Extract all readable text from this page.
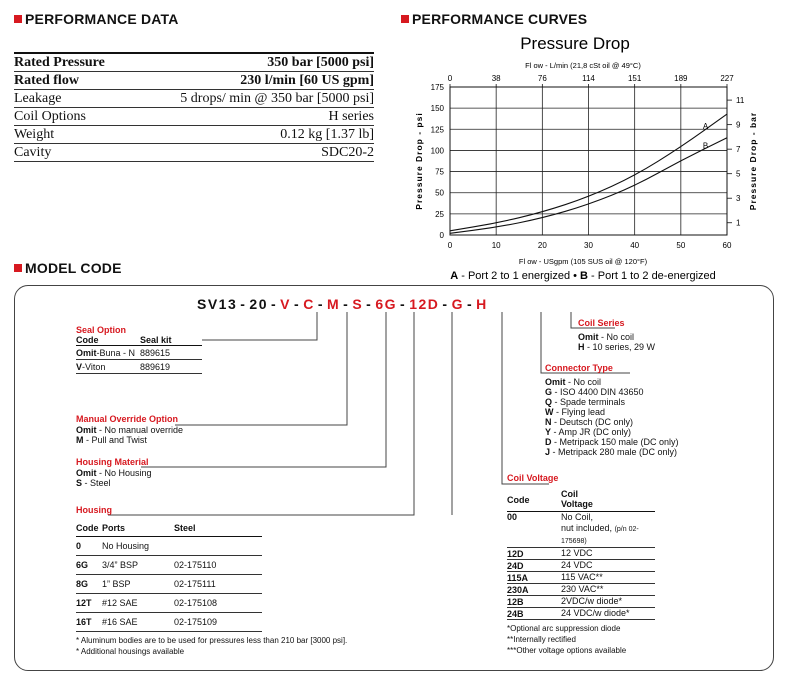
PERFORMANCE DATA
Rated Pressure	350 bar [5000 psi]
Rated flow	230 l/min [60 US gpm]
Leakage	5 drops/ min @ 350 bar [5000 psi]
Coil Options	H series
Weight	0.12 kg [1.37 lb]
Cavity	SDC20-2
PERFORMANCE CURVES
Pressure Drop
Fl ow - L/min (21,8 cSt oil @ 49°C)
0	10	20	30	40	50	60
0	38	76	114	151	189	227
0
25
50
75
100
125
150
175
1
3
5
7
9
11
Pressure Drop - psi	Pressure Drop - bar
Fl ow - USgpm (105 SUS oil @ 120°F)
A
B
A - Port 2 to 1 energized • B - Port 1 to 2 de-energized
MODEL CODE
SV13 - 20 - V - C - M - S - 6G - 12D - G - H
Seal Option
Code	Seal kit
Omit-Buna - N	889615
V-Viton	889619
Manual Override Option
Omit - No manual override
M - Pull and Twist
Housing Material
Omit - No Housing
S - Steel
Housing
Code	Ports	Steel
0	No Housing	
6G	3/4” BSP	02-175110
8G	1” BSP	02-175111
12T	#12 SAE	02-175108
16T	#16 SAE	02-175109
* Aluminum bodies are to be used for pressures less than 210 bar [3000 psi].
* Additional housings available
Coil Series
Omit - No coil
H - 10 series, 29 W
Connector Type
Omit - No coil
G - ISO 4400 DIN 43650
Q - Spade terminals
W - Flying lead
N - Deutsch (DC only)
Y - Amp JR (DC only)
D - Metripack 150 male (DC only)
J - Metripack 280 male (DC only)
Coil Voltage
Code	Coil
Voltage
00	No Coil,
nut included, (p/n 02-175698)

12D	12 VDC

24D	24 VDC

115A	115 VAC**

230A	230 VAC**

12B	2VDC/w diode*

24B	24 VDC/w diode*
*Optional arc suppression diode
**Internally rectified
***Other voltage options available
